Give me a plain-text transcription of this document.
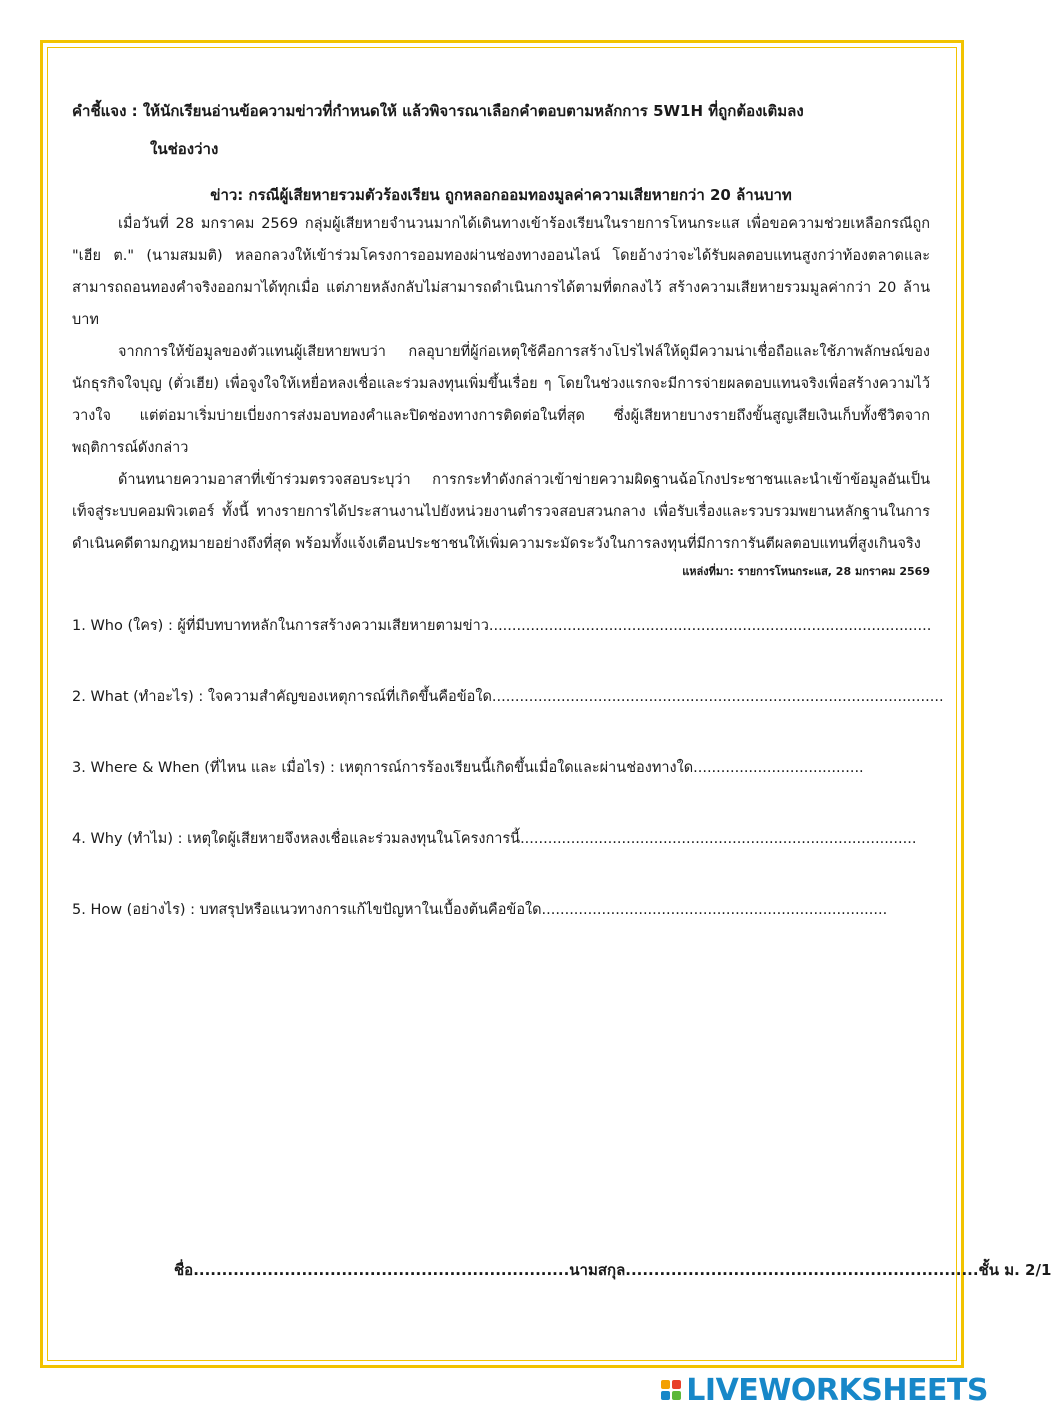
คำชี้แจง : ให้นักเรียนอ่านข้อความข่าวที่กำหนดให้ แล้วพิจารณาเลือกคำตอบตามหลักการ 5W1H ที่ถูกต้องเติมลง
ในช่องว่าง
ข่าว: กรณีผู้เสียหายรวมตัวร้องเรียน ถูกหลอกออมทองมูลค่าความเสียหายกว่า 20 ล้านบาท

เมื่อวันที่ 28 มกราคม 2569 กลุ่มผู้เสียหายจำนวนมากได้เดินทางเข้าร้องเรียนในรายการโหนกระแส เพื่อขอความช่วยเหลือกรณีถูก "เฮีย ต." (นามสมมติ) หลอกลวงให้เข้าร่วมโครงการออมทองผ่านช่องทางออนไลน์ โดยอ้างว่าจะได้รับผลตอบแทนสูงกว่าท้องตลาดและสามารถถอนทองคำจริงออกมาได้ทุกเมื่อ แต่ภายหลังกลับไม่สามารถดำเนินการได้ตามที่ตกลงไว้ สร้างความเสียหายรวมมูลค่ากว่า 20 ล้านบาท

จากการให้ข้อมูลของตัวแทนผู้เสียหายพบว่า กลอุบายที่ผู้ก่อเหตุใช้คือการสร้างโปรไฟล์ให้ดูมีความน่าเชื่อถือและใช้ภาพลักษณ์ของนักธุรกิจใจบุญ (ตั่วเฮีย) เพื่อจูงใจให้เหยื่อหลงเชื่อและร่วมลงทุนเพิ่มขึ้นเรื่อย ๆ โดยในช่วงแรกจะมีการจ่ายผลตอบแทนจริงเพื่อสร้างความไว้วางใจ แต่ต่อมาเริ่มบ่ายเบี่ยงการส่งมอบทองคำและปิดช่องทางการติดต่อในที่สุด ซึ่งผู้เสียหายบางรายถึงขั้นสูญเสียเงินเก็บทั้งชีวิตจากพฤติการณ์ดังกล่าว

ด้านทนายความอาสาที่เข้าร่วมตรวจสอบระบุว่า การกระทำดังกล่าวเข้าข่ายความผิดฐานฉ้อโกงประชาชนและนำเข้าข้อมูลอันเป็นเท็จสู่ระบบคอมพิวเตอร์ ทั้งนี้ ทางรายการได้ประสานงานไปยังหน่วยงานตำรวจสอบสวนกลาง เพื่อรับเรื่องและรวบรวมพยานหลักฐานในการดำเนินคดีตามกฎหมายอย่างถึงที่สุด พร้อมทั้งแจ้งเตือนประชาชนให้เพิ่มความระมัดระวังในการลงทุนที่มีการการันตีผลตอบแทนที่สูงเกินจริง

แหล่งที่มา: รายการโหนกระแส, 28 มกราคม 2569
1. Who (ใคร) : ผู้ที่มีบทบาทหลักในการสร้างความเสียหายตามข่าว................................................................................................
2. What (ทำอะไร) : ใจความสำคัญของเหตุการณ์ที่เกิดขึ้นคือข้อใด..................................................................................................
3. Where & When (ที่ไหน และ เมื่อไร) : เหตุการณ์การร้องเรียนนี้เกิดขึ้นเมื่อใดและผ่านช่องทางใด.....................................
4. Why (ทำไม) : เหตุใดผู้เสียหายจึงหลงเชื่อและร่วมลงทุนในโครงการนี้......................................................................................
5. How (อย่างไร) : บทสรุปหรือแนวทางการแก้ไขปัญหาในเบื้องต้นคือข้อใด...........................................................................
ชื่อ..................................................................นามสกุล..............................................................ชั้น ม. 2/1
LIVEWORKSHEETS
